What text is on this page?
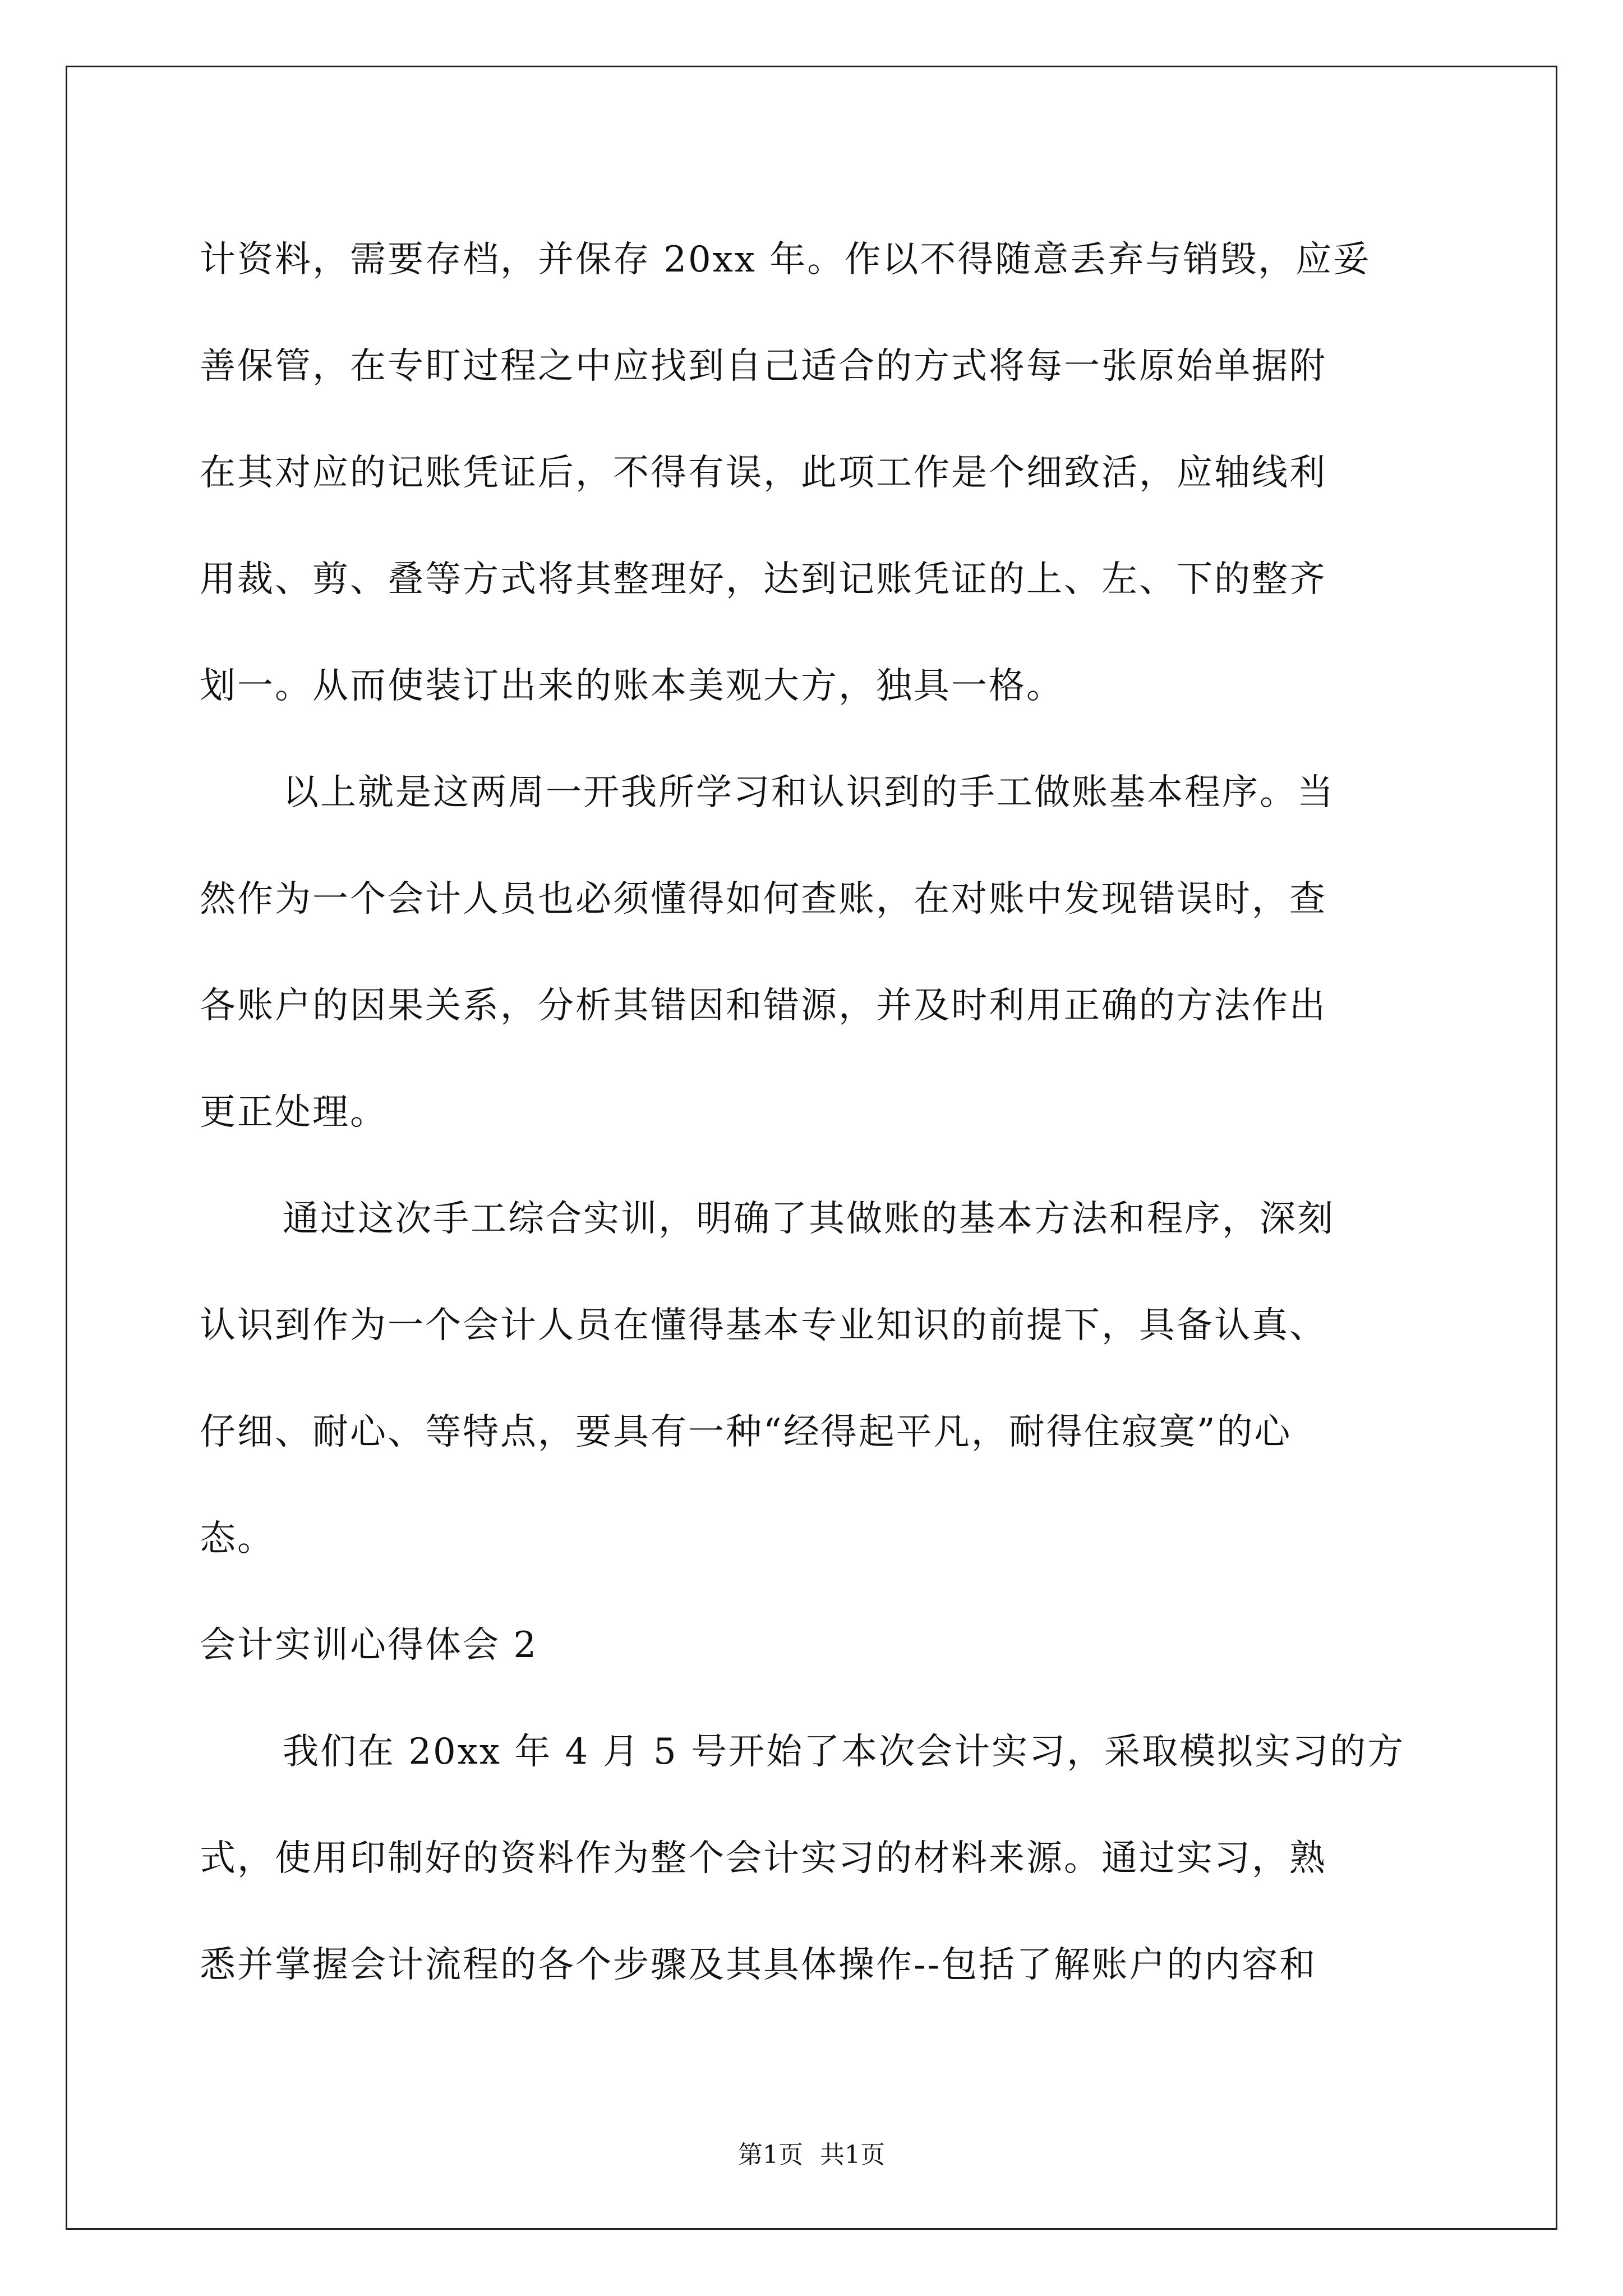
计资料，需要存档，并保存 20xx 年。作以不得随意丢弃与销毁，应妥
善保管，在专盯过程之中应找到自己适合的方式将每一张原始单据附
在其对应的记账凭证后，不得有误，此项工作是个细致活，应轴线利
用裁、剪、叠等方式将其整理好，达到记账凭证的上、左、下的整齐
划一。从而使装订出来的账本美观大方，独具一格。
以上就是这两周一开我所学习和认识到的手工做账基本程序。当
然作为一个会计人员也必须懂得如何查账，在对账中发现错误时，查
各账户的因果关系，分析其错因和错源，并及时利用正确的方法作出
更正处理。
通过这次手工综合实训，明确了其做账的基本方法和程序，深刻
认识到作为一个会计人员在懂得基本专业知识的前提下，具备认真、
仔细、耐心、等特点，要具有一种“经得起平凡，耐得住寂寞”的心
态。
会计实训心得体会 2
我们在 20xx 年 4 月 5 号开始了本次会计实习，采取模拟实习的方
式，使用印制好的资料作为整个会计实习的材料来源。通过实习，熟
悉并掌握会计流程的各个步骤及其具体操作--包括了解账户的内容和
第1页 共1页
